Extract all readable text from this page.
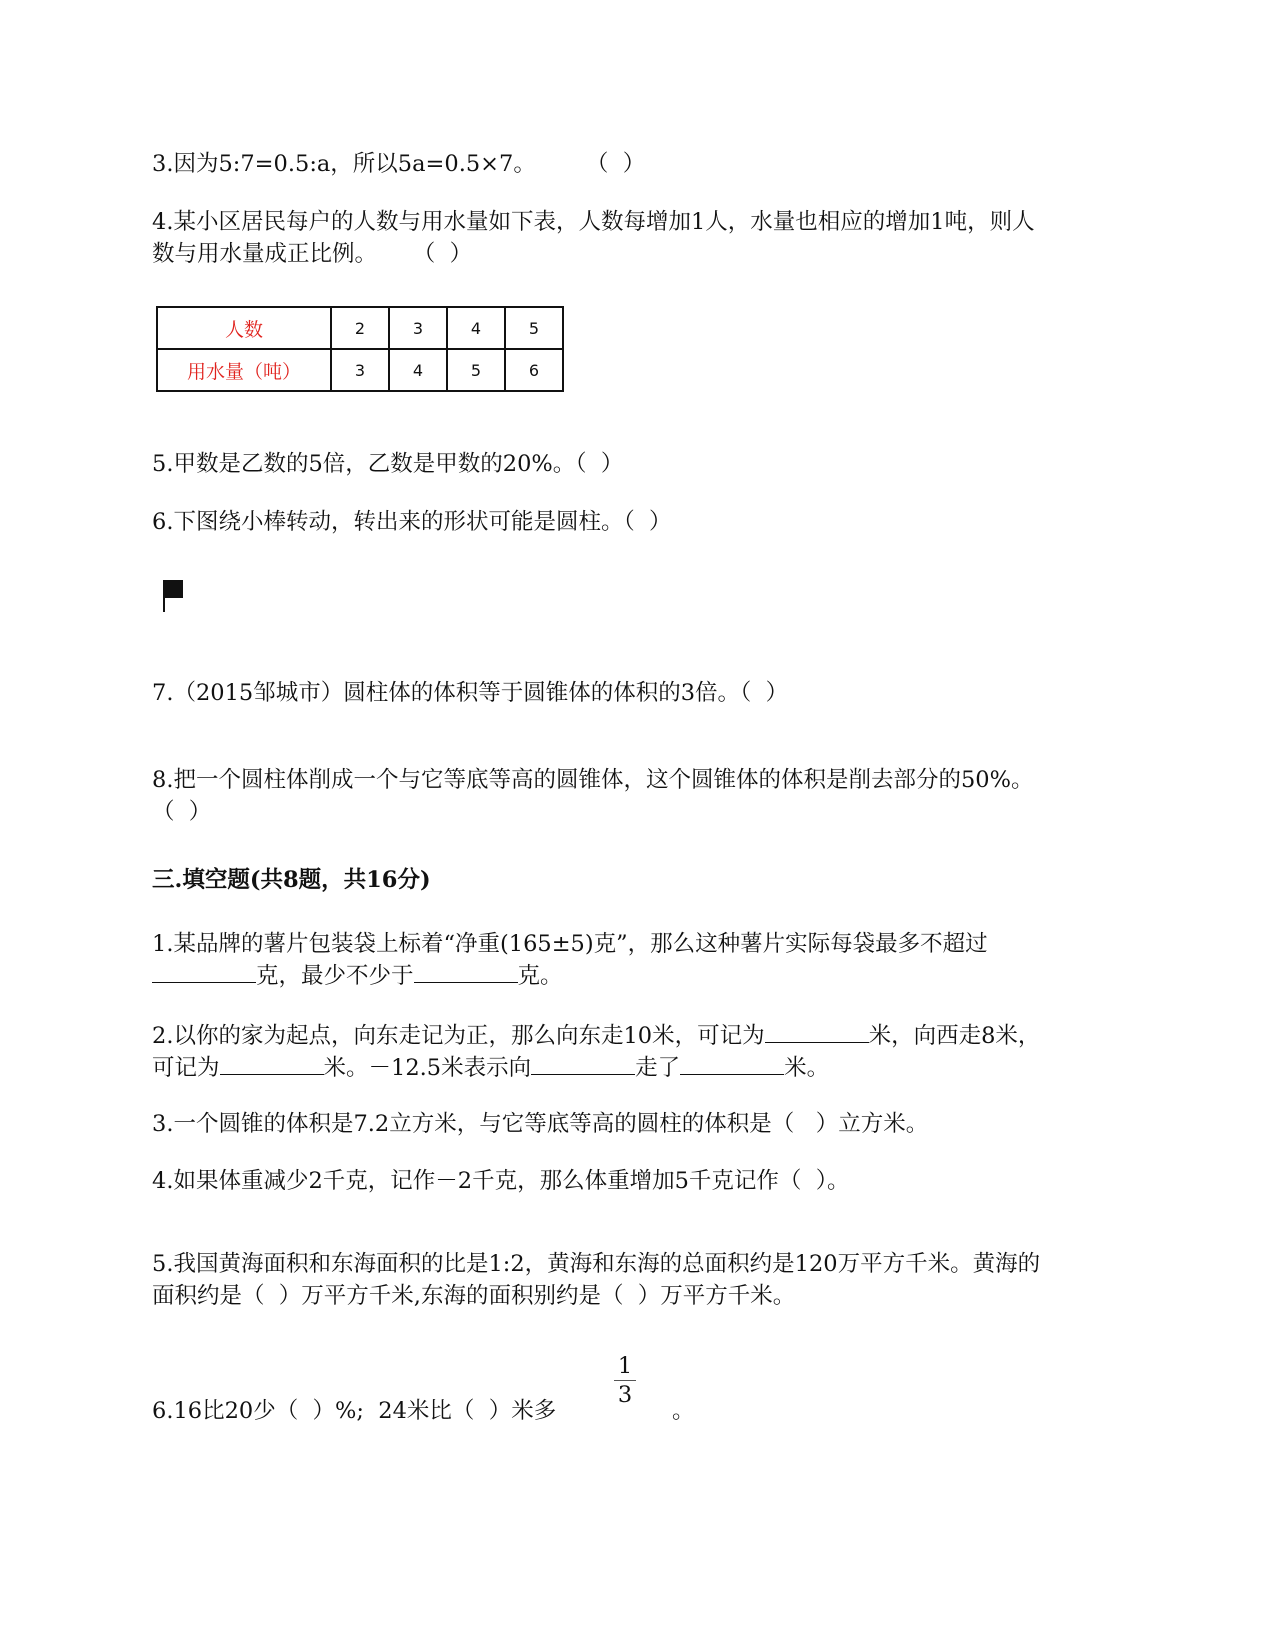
3.因为5:7=0.5:a，所以5a=0.5×7。       （  ）
4.某小区居民每户的人数与用水量如下表，人数每增加1人，水量也相应的增加1吨，则人
数与用水量成正比例。     （  ）
人数	2	3	4	5
用水量（吨）	3	4	5	6
5.甲数是乙数的5倍，乙数是甲数的20%。（  ）
6.下图绕小棒转动，转出来的形状可能是圆柱。（  ）
7.（2015邹城市）圆柱体的体积等于圆锥体的体积的3倍。（  ）
8.把一个圆柱体削成一个与它等底等高的圆锥体，这个圆锥体的体积是削去部分的50%。
（  ）
三.填空题(共8题，共16分)
1.某品牌的薯片包装袋上标着“净重(165±5)克”，那么这种薯片实际每袋最多不超过
克，最少不少于	克。
2.以你的家为起点，向东走记为正，那么向东走10米，可记为	米，向西走8米，
可记为	米。－12.5米表示向	走了	米。
3.一个圆锥的体积是7.2立方米，与它等底等高的圆柱的体积是（   ）立方米。
4.如果体重减少2千克，记作－2千克，那么体重增加5千克记作（  ）。
5.我国黄海面积和东海面积的比是1:2，黄海和东海的总面积约是120万平方千米。黄海的
面积约是（  ）万平方千米,东海的面积别约是（  ）万平方千米。
6.16比20少（  ）%;  24米比（  ）米多
1
3
。
